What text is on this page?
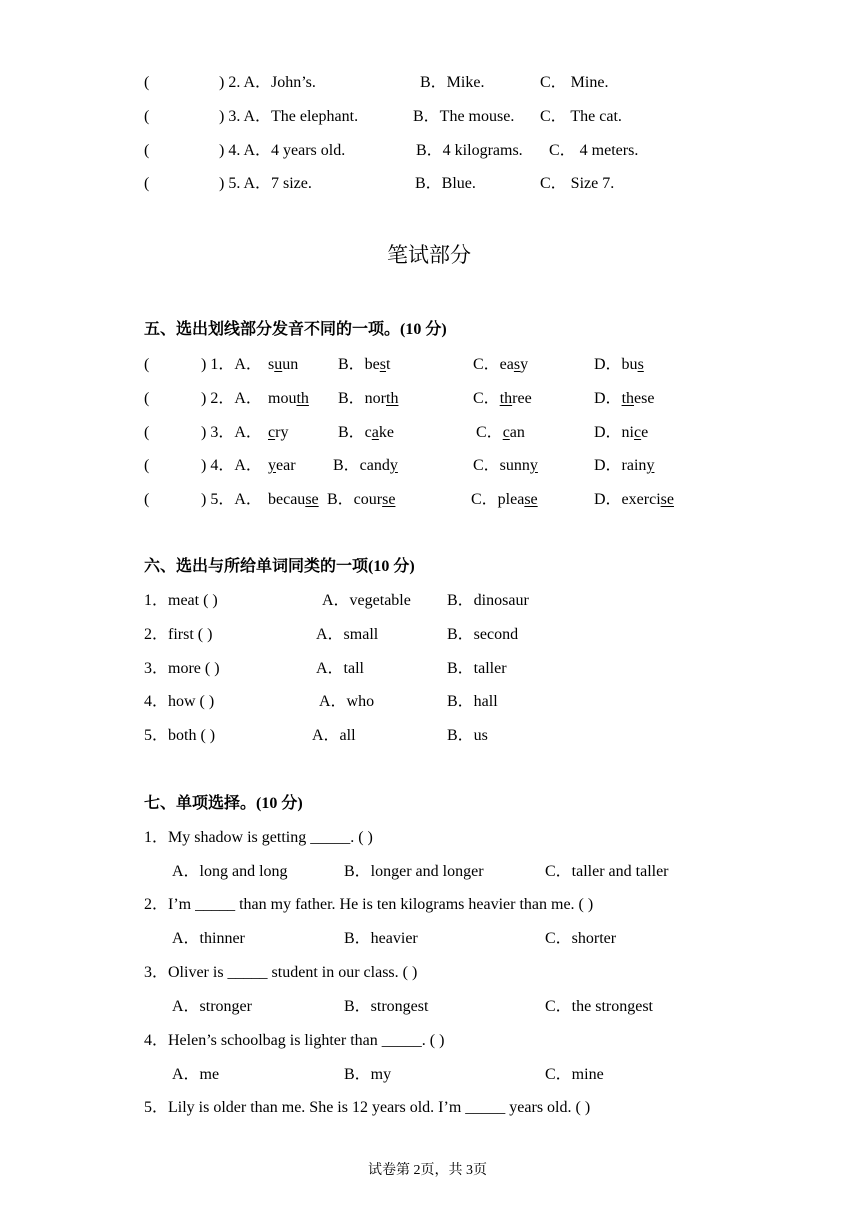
(	) 2. A．John’s.	B．Mike.	C． Mine.
(	) 3. A．The elephant.	B．The mouse. C． The cat.
(	) 4. A．4 years old.	B．4 kilograms. C． 4 meters.
(	) 5. A．7 size.	B．Blue.	C． Size 7.
笔试部分
五、选出划线部分发音不同的一项。(10 分)
(	) 1．A． suun B．best	C．easy	D．bus
(	) 2．A． mouth B．north	C．three	D．these
(	) 3．A． cry	B．cake	C．can	D．nice
(	) 4．A． year B．candy	C．sunny	D．rainy
(	) 5．A． because B．course	C．please	D．exercise
六、选出与所给单词同类的一项(10 分)
1．meat ( )	A．vegetable B．dinosaur
2．first ( )	A．small	B．second
3．more ( )	A．tall	B．taller
4．how ( )	A．who	B．hall
5．both ( )	A．all	B．us
七、单项选择。(10 分)
1．My shadow is getting _____. ( )
A．long and long	B．longer and longer	C．taller and taller
2．I’m _____ than my father. He is ten kilograms heavier than me. ( )
A．thinner	B．heavier	C．shorter
3．Oliver is _____ student in our class. ( )
A．stronger	B．strongest	C．the strongest
4．Helen’s schoolbag is lighter than _____. ( )
A．me	B．my	C．mine
5．Lily is older than me. She is 12 years old. I’m _____ years old. ( )
试卷第 2页，共 3页
